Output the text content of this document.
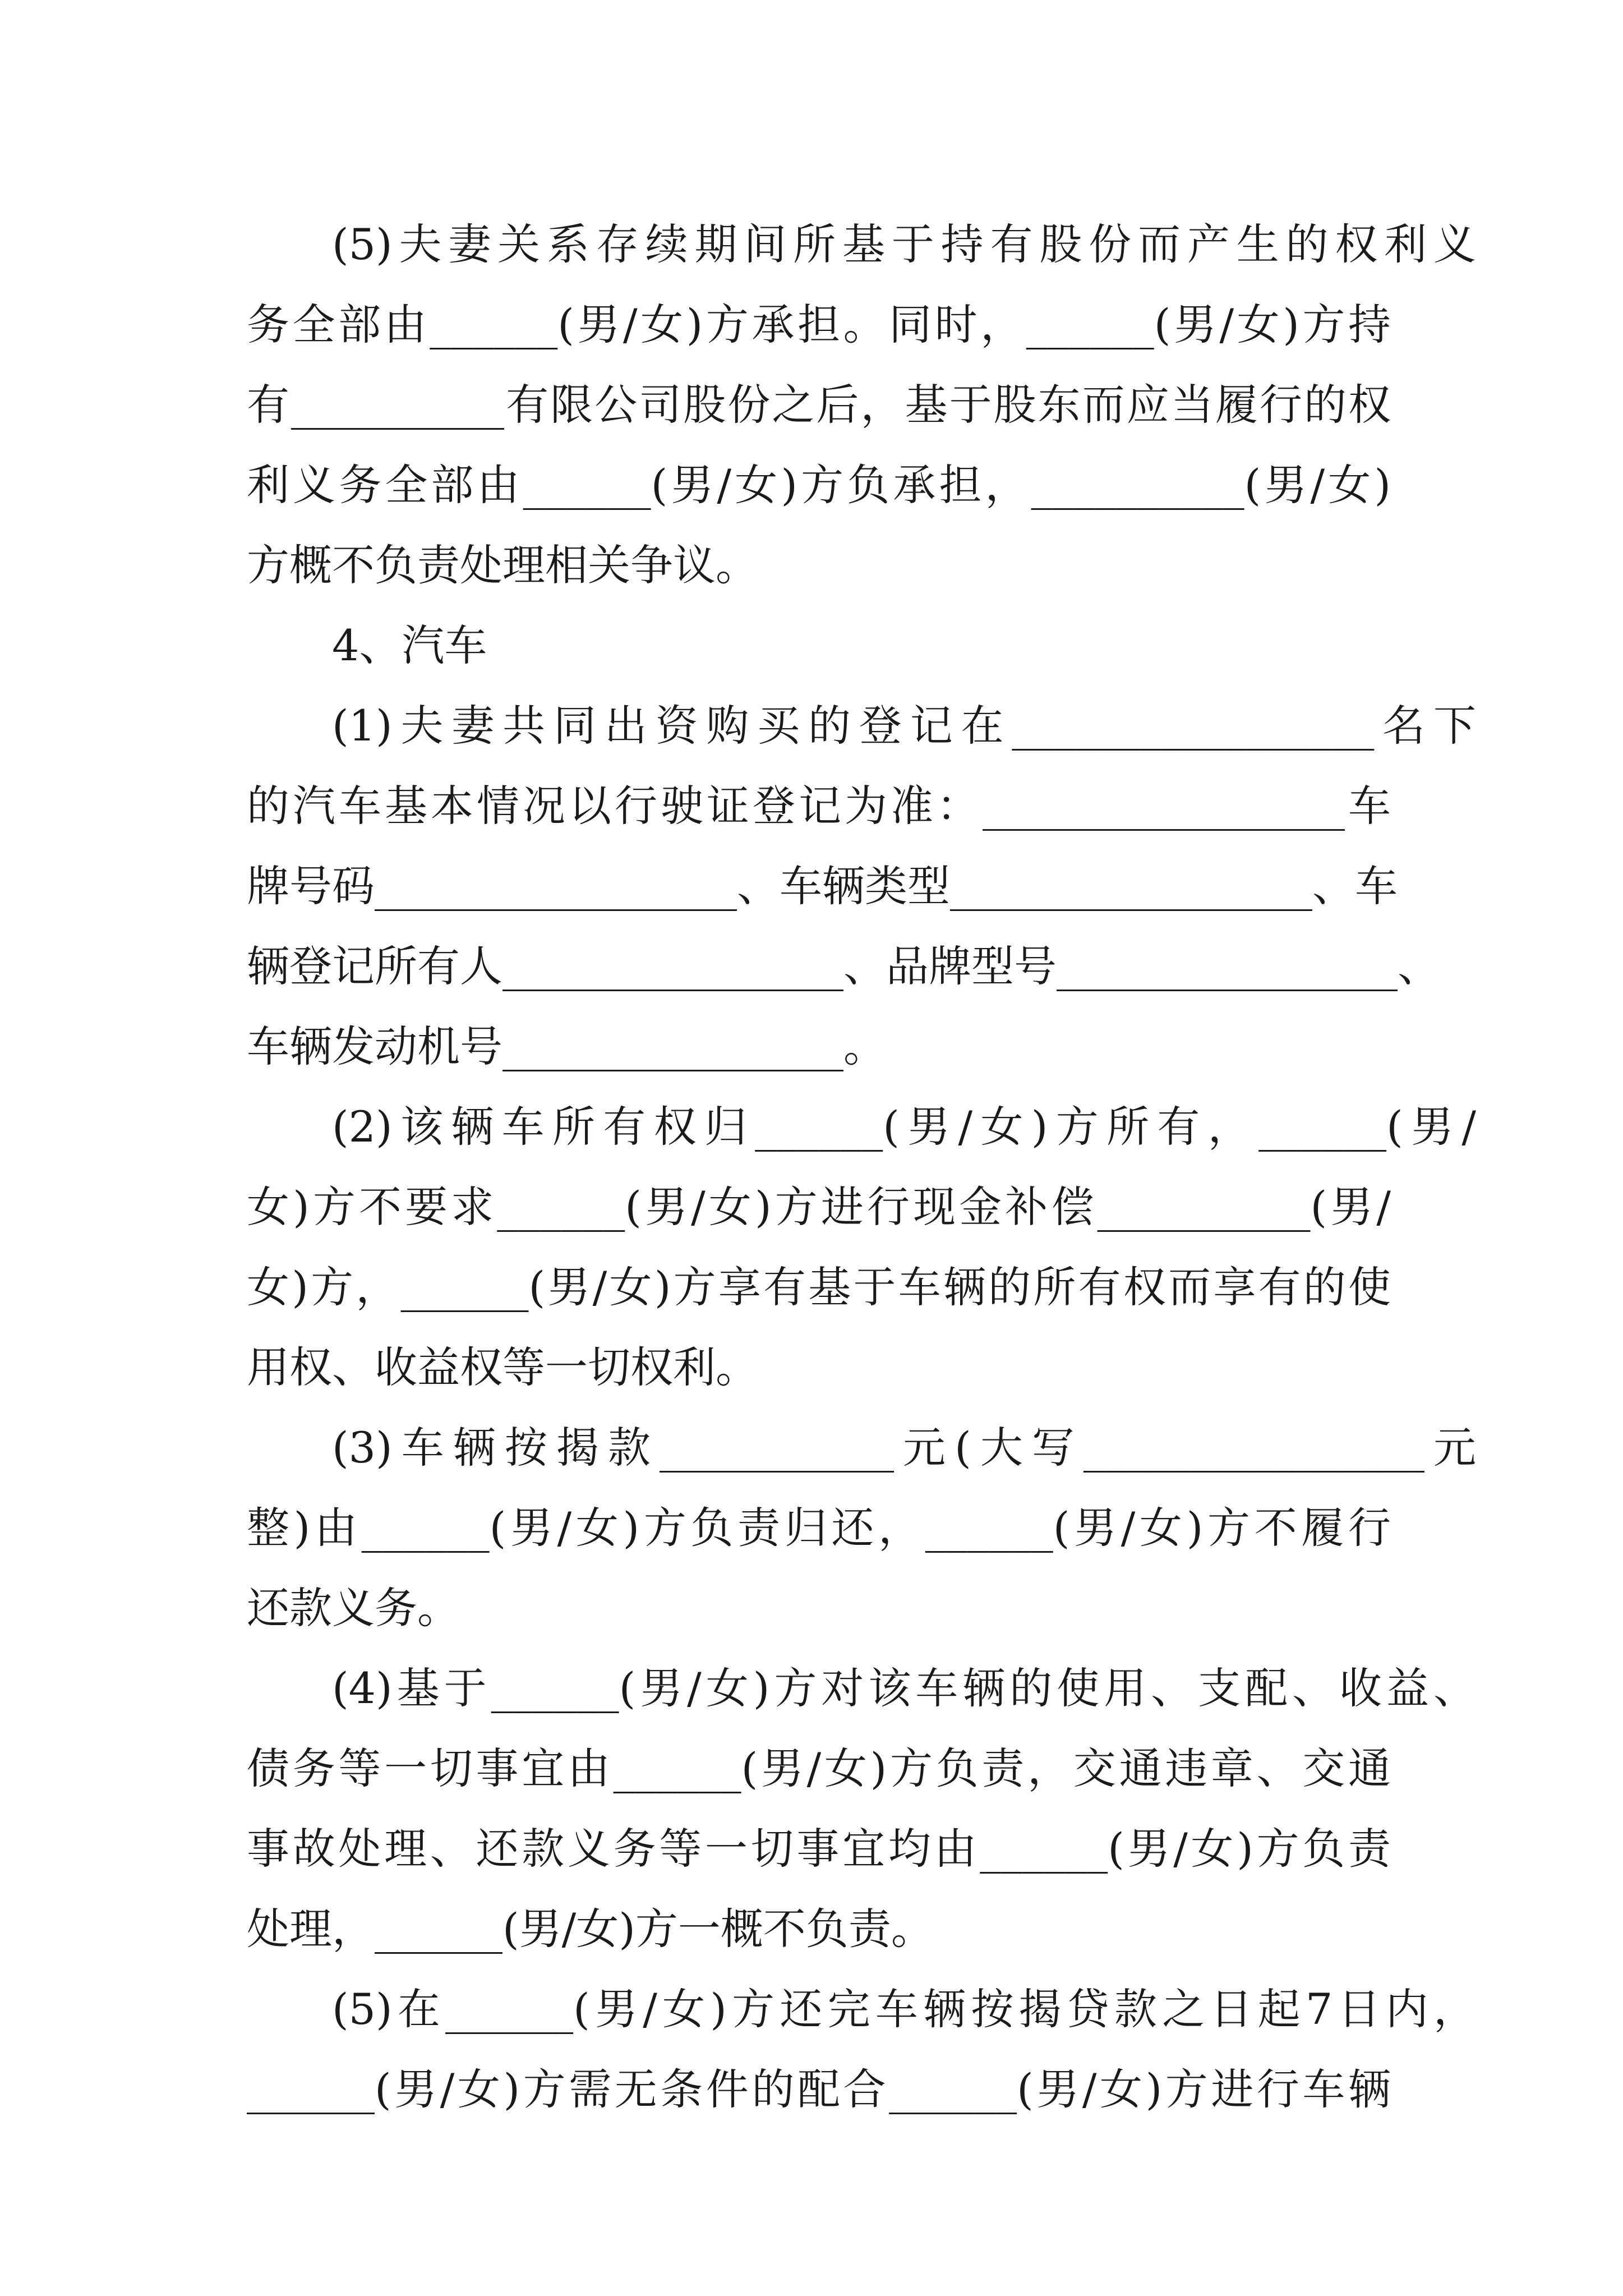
(5)夫妻关系存续期间所基于持有股份而产生的权利义
务全部由______(男/女)方承担。同时，______(男/女)方持
有__________有限公司股份之后，基于股东而应当履行的权
利义务全部由______(男/女)方负承担，__________(男/女)
方概不负责处理相关争议。
4、汽车
(1)夫妻共同出资购买的登记在_________________名下
的汽车基本情况以行驶证登记为准：_________________车
牌号码_________________、车辆类型_________________、车
辆登记所有人________________、品牌型号________________、
车辆发动机号________________。
(2)该辆车所有权归______(男/女)方所有，______(男/
女)方不要求______(男/女)方进行现金补偿__________(男/
女)方，______(男/女)方享有基于车辆的所有权而享有的使
用权、收益权等一切权利。
(3)车辆按揭款___________元(大写________________元
整)由______(男/女)方负责归还，______(男/女)方不履行
还款义务。
(4)基于______(男/女)方对该车辆的使用、支配、收益、
债务等一切事宜由______(男/女)方负责，交通违章、交通
事故处理、还款义务等一切事宜均由______(男/女)方负责
处理，______(男/女)方一概不负责。
(5)在______(男/女)方还完车辆按揭贷款之日起7日内，
______(男/女)方需无条件的配合______(男/女)方进行车辆
